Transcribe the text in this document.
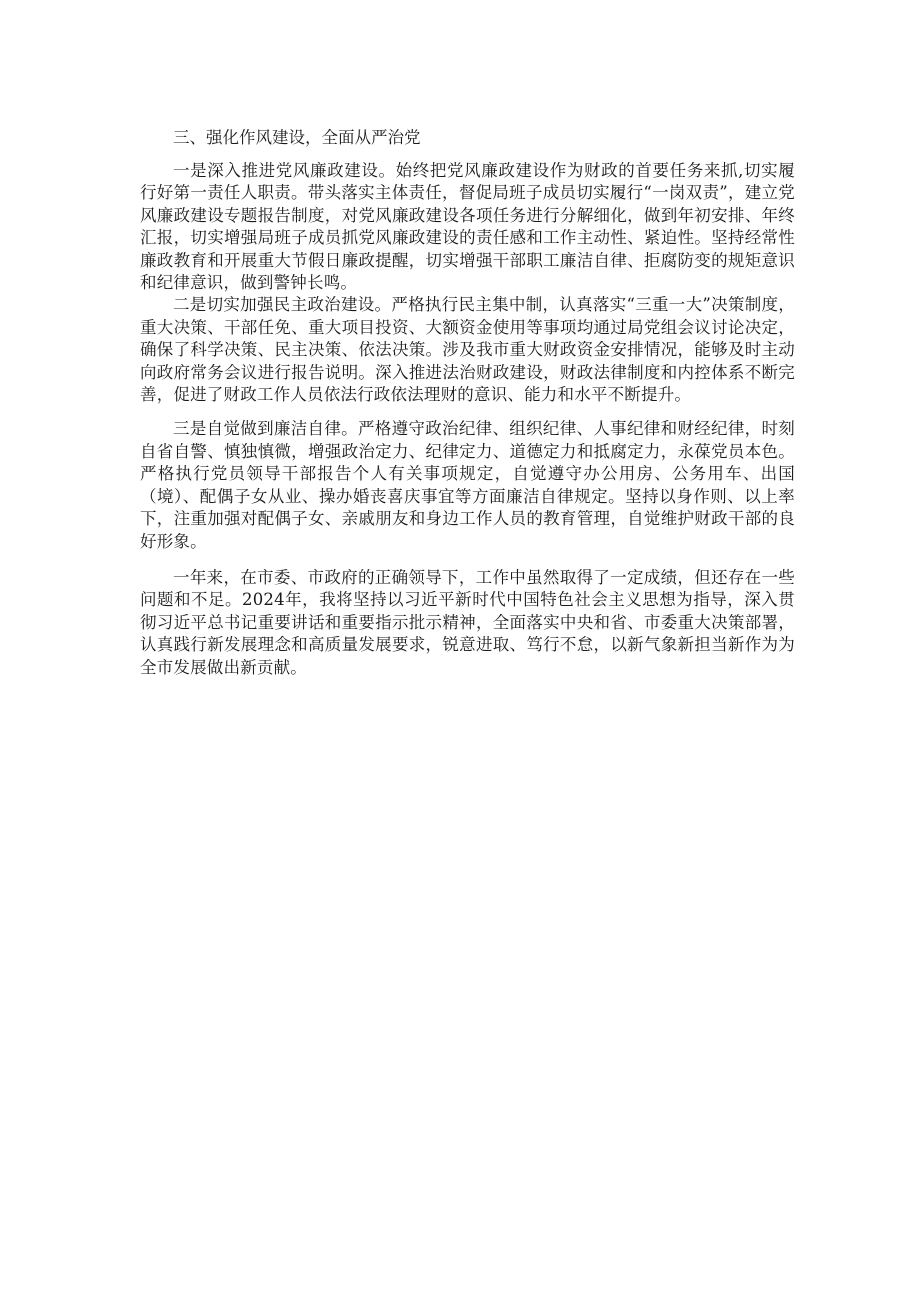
三、强化作风建设，全面从严治党

一是深入推进党风廉政建设。始终把党风廉政建设作为财政的首要任务来抓,切实履行好第一责任人职责。带头落实主体责任，督促局班子成员切实履行“一岗双责”，建立党风廉政建设专题报告制度，对党风廉政建设各项任务进行分解细化，做到年初安排、年终汇报，切实增强局班子成员抓党风廉政建设的责任感和工作主动性、紧迫性。坚持经常性廉政教育和开展重大节假日廉政提醒，切实增强干部职工廉洁自律、拒腐防变的规矩意识和纪律意识，做到警钟长鸣。

二是切实加强民主政治建设。严格执行民主集中制，认真落实“三重一大”决策制度，重大决策、干部任免、重大项目投资、大额资金使用等事项均通过局党组会议讨论决定，确保了科学决策、民主决策、依法决策。涉及我市重大财政资金安排情况，能够及时主动向政府常务会议进行报告说明。深入推进法治财政建设，财政法律制度和内控体系不断完善，促进了财政工作人员依法行政依法理财的意识、能力和水平不断提升。

三是自觉做到廉洁自律。严格遵守政治纪律、组织纪律、人事纪律和财经纪律，时刻自省自警、慎独慎微，增强政治定力、纪律定力、道德定力和抵腐定力，永葆党员本色。严格执行党员领导干部报告个人有关事项规定，自觉遵守办公用房、公务用车、出国（境）、配偶子女从业、操办婚丧喜庆事宜等方面廉洁自律规定。坚持以身作则、以上率下，注重加强对配偶子女、亲戚朋友和身边工作人员的教育管理，自觉维护财政干部的良好形象。

一年来，在市委、市政府的正确领导下，工作中虽然取得了一定成绩，但还存在一些问题和不足。2024年，我将坚持以习近平新时代中国特色社会主义思想为指导，深入贯彻习近平总书记重要讲话和重要指示批示精神，全面落实中央和省、市委重大决策部署，认真践行新发展理念和高质量发展要求，锐意进取、笃行不怠，以新气象新担当新作为为全市发展做出新贡献。
